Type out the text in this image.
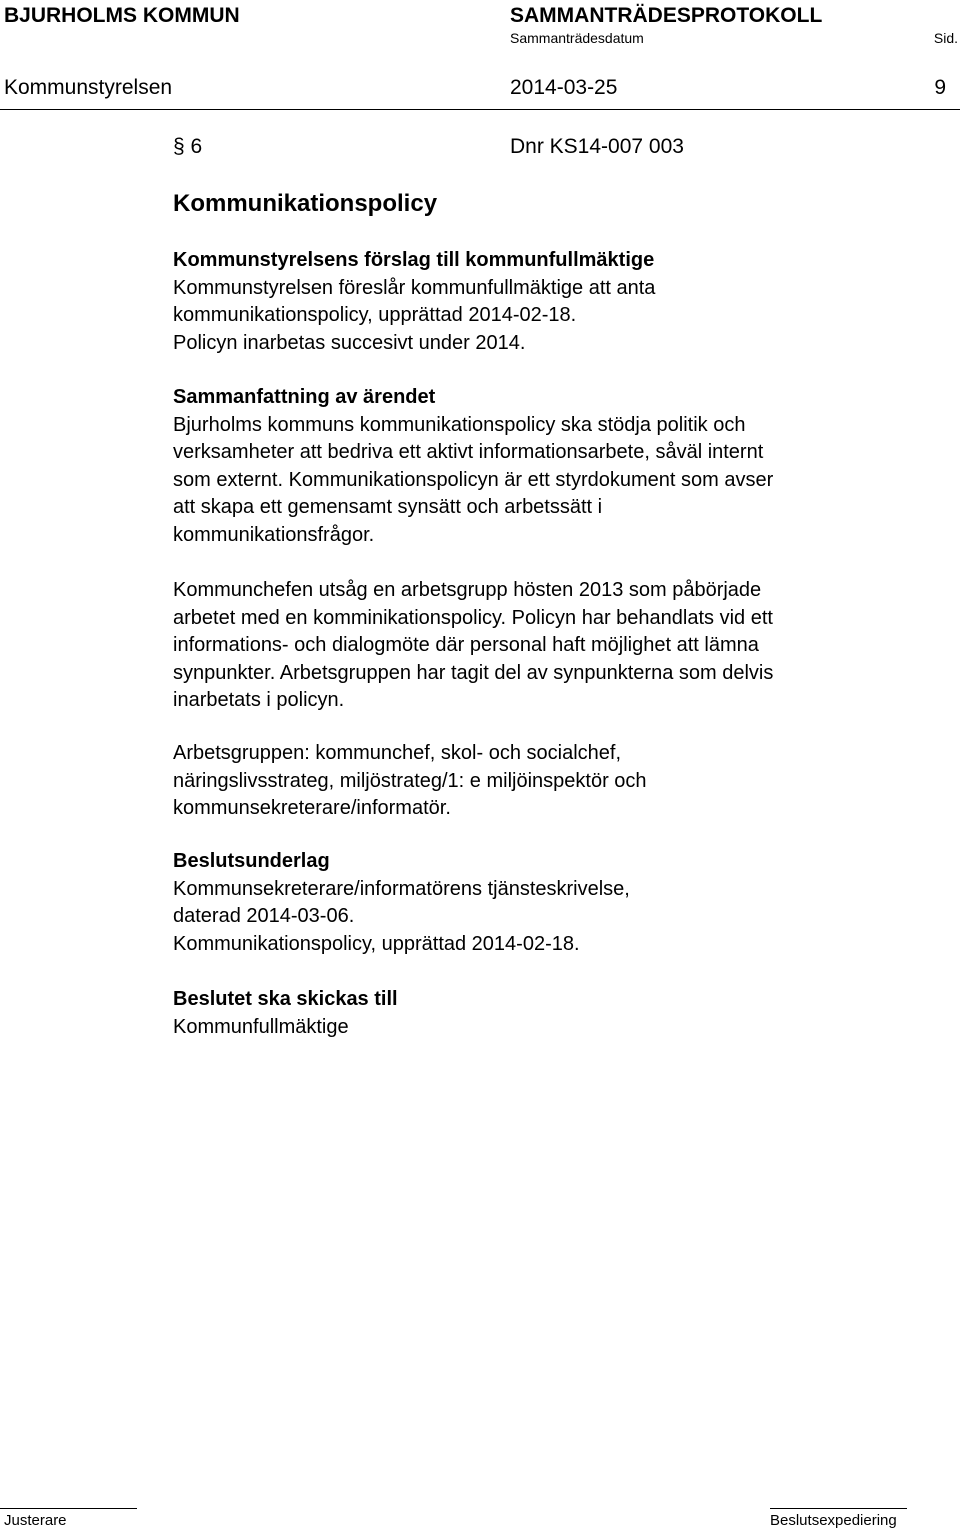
BJURHOLMS KOMMUN	SAMMANTRÄDESPROTOKOLL
Sammanträdesdatum	Sid.
Kommunstyrelsen	2014-03-25	9
§ 6	Dnr KS14-007 003
Kommunikationspolicy

Kommunstyrelsens förslag till kommunfullmäktige

Kommunstyrelsen föreslår kommunfullmäktige att anta

kommunikationspolicy, upprättad 2014-02-18.

Policyn inarbetas succesivt under 2014.

Sammanfattning av ärendet

Bjurholms kommuns kommunikationspolicy ska stödja politik och

verksamheter att bedriva ett aktivt informationsarbete, såväl internt

som externt. Kommunikationspolicyn är ett styrdokument som avser

att skapa ett gemensamt synsätt och arbetssätt i

kommunikationsfrågor.

Kommunchefen utsåg en arbetsgrupp hösten 2013 som påbörjade

arbetet med en komminikationspolicy. Policyn har behandlats vid ett

informations- och dialogmöte där personal haft möjlighet att lämna

synpunkter. Arbetsgruppen har tagit del av synpunkterna som delvis

inarbetats i policyn.

Arbetsgruppen: kommunchef, skol- och socialchef,

näringslivsstrateg, miljöstrateg/1: e miljöinspektör och

kommunsekreterare/informatör.

Beslutsunderlag

Kommunsekreterare/informatörens tjänsteskrivelse,

daterad 2014-03-06.

Kommunikationspolicy, upprättad 2014-02-18.

Beslutet ska skickas till

Kommunfullmäktige

Justerare	Beslutsexpediering
